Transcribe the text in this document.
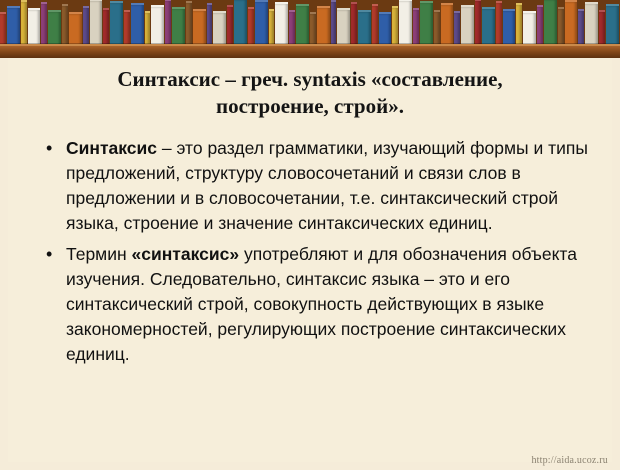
Синтаксис – греч. syntaxis «составление,
построение, строй».
• Синтаксис – это раздел грамматики, изучающий формы и типы предложений, структуру словосочетаний и связи слов в предложении и в словосочетании, т.е. синтаксический строй языка, строение и значение синтаксических единиц.
• Термин «синтаксис» употребляют и для обозначения объекта изучения. Следовательно, синтаксис языка – это и его синтаксический строй, совокупность действующих в языке закономерностей, регулирующих построение синтаксических единиц.
http://aida.ucoz.ru
